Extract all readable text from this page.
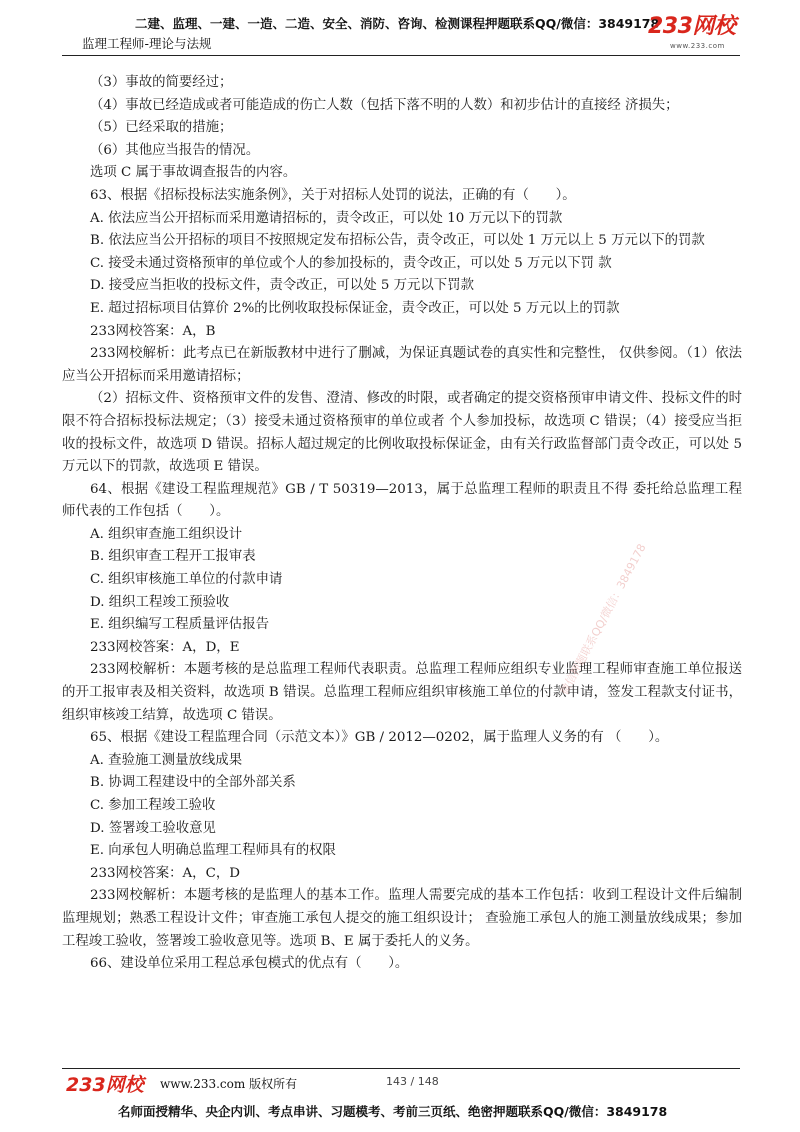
二建、监理、一建、一造、二造、安全、消防、咨询、检测课程押题联系QQ/微信：3849178
监理工程师-理论与法规
233网校
www.233.com

（3）事故的简要经过；

（4）事故已经造成或者可能造成的伤亡人数（包括下落不明的人数）和初步估计的直接经 济损失；

（5）已经采取的措施；

（6）其他应当报告的情况。

选项 C 属于事故调查报告的内容。

63、根据《招标投标法实施条例》，关于对招标人处罚的说法，正确的有（　　）。

A. 依法应当公开招标而采用邀请招标的，责令改正，可以处 10 万元以下的罚款

B. 依法应当公开招标的项目不按照规定发布招标公告，责令改正，可以处 1 万元以上 5 万元以下的罚款

C. 接受未通过资格预审的单位或个人的参加投标的，责令改正，可以处 5 万元以下罚 款

D. 接受应当拒收的投标文件，责令改正，可以处 5 万元以下罚款

E. 超过招标项目估算价 2%的比例收取投标保证金，责令改正，可以处 5 万元以上的罚款

233网校答案：A，B

233网校解析：此考点已在新版教材中进行了删减，为保证真题试卷的真实性和完整性， 仅供参阅。（1）依法应当公开招标而采用邀请招标；

（2）招标文件、资格预审文件的发售、澄清、修改的时限，或者确定的提交资格预审申请文件、投标文件的时限不符合招标投标法规定；（3）接受未通过资格预审的单位或者 个人参加投标，故选项 C 错误；（4）接受应当拒收的投标文件，故选项 D 错误。招标人超过规定的比例收取投标保证金，由有关行政监督部门责令改正，可以处 5 万元以下的罚款，故选项 E 错误。

64、根据《建设工程监理规范》GB / T 50319—2013，属于总监理工程师的职责且不得 委托给总监理工程师代表的工作包括（　　）。

A. 组织审查施工组织设计

B. 组织审查工程开工报审表

C. 组织审核施工单位的付款申请

D. 组织工程竣工预验收

E. 组织编写工程质量评估报告

233网校答案：A，D，E

233网校解析：本题考核的是总监理工程师代表职责。总监理工程师应组织专业监理工程师审查施工单位报送的开工报审表及相关资料，故选项 B 错误。总监理工程师应组织审核施工单位的付款申请，签发工程款支付证书，组织审核竣工结算，故选项 C 错误。

65、根据《建设工程监理合同（示范文本）》GB / 2012—0202，属于监理人义务的有 （　　）。

A. 查验施工测量放线成果

B. 协调工程建设中的全部外部关系

C. 参加工程竣工验收

D. 签署竣工验收意见

E. 向承包人明确总监理工程师具有的权限

233网校答案：A，C，D

233网校解析：本题考核的是监理人的基本工作。监理人需要完成的基本工作包括：收到工程设计文件后编制监理规划；熟悉工程设计文件；审查施工承包人提交的施工组织设计； 查验施工承包人的施工测量放线成果；参加工程竣工验收，签署竣工验收意见等。选项 B、E 属于委托人的义务。

66、建设单位采用工程总承包模式的优点有（　　）。

微信押题联系QQ/微信：3849178
233网校 www.233.com 版权所有	143 / 148
名师面授精华、央企内训、考点串讲、习题模考、考前三页纸、绝密押题联系QQ/微信：3849178
